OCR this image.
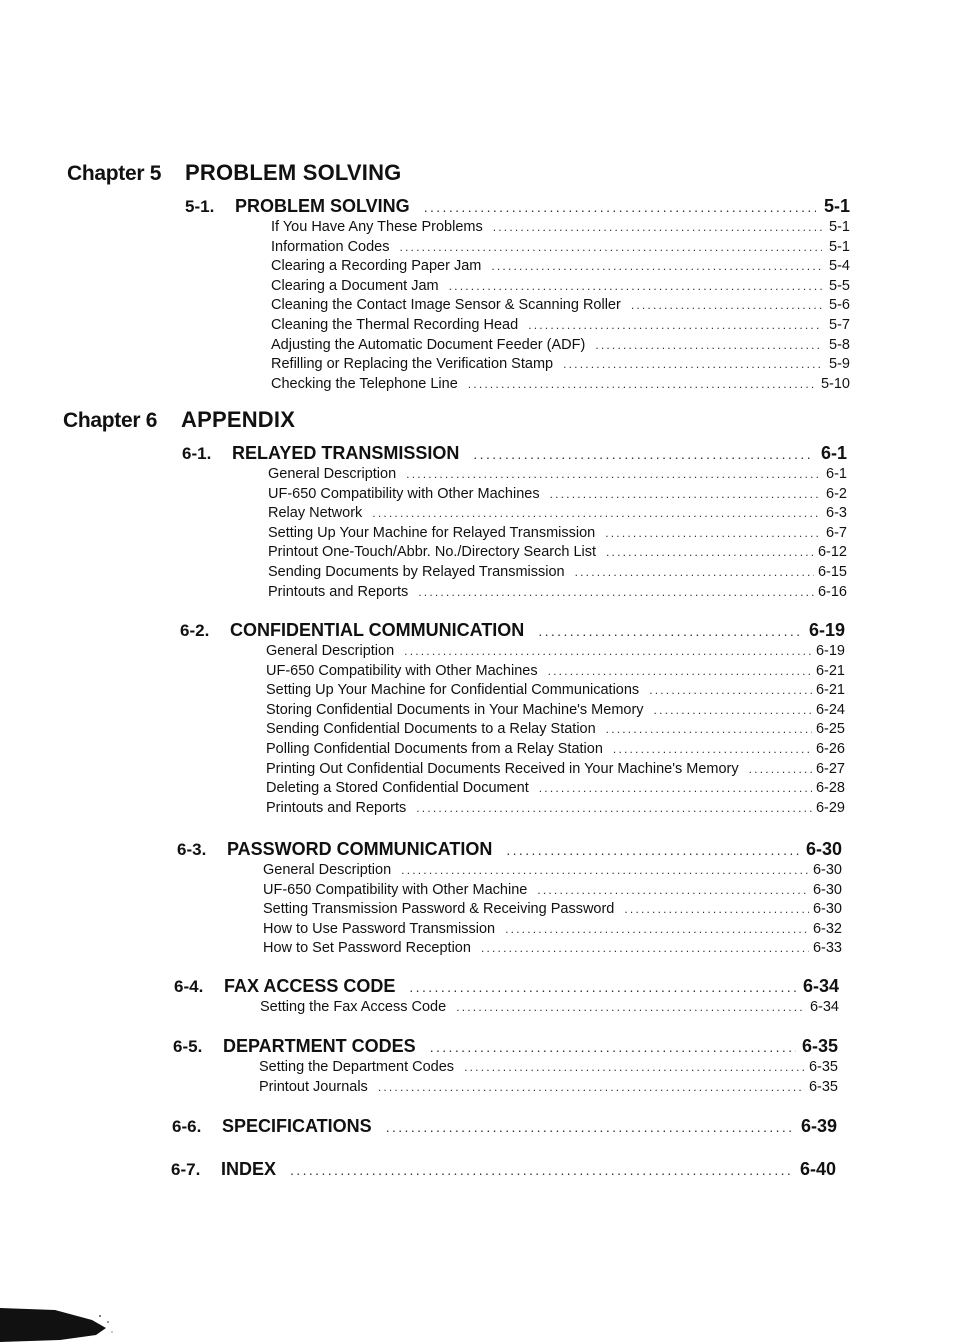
Chapter 5	PROBLEM SOLVING
5-1.	PROBLEM SOLVING .....	5-1
If You Have Any These Problems .....	5-1
Information Codes .....	5-1
Clearing a Recording Paper Jam .....	5-4
Clearing a Document Jam .....	5-5
Cleaning the Contact Image Sensor & Scanning Roller .....	5-6
Cleaning the Thermal Recording Head .....	5-7
Adjusting the Automatic Document Feeder (ADF) .....	5-8
Refilling or Replacing the Verification Stamp .....	5-9
Checking the Telephone Line .....	5-10
Chapter 6	APPENDIX
6-1.	RELAYED TRANSMISSION .....	6-1
General Description .....	6-1
UF-650 Compatibility with Other Machines .....	6-2
Relay Network .....	6-3
Setting Up Your Machine for Relayed Transmission .....	6-7
Printout One-Touch/Abbr. No./Directory Search List .....	6-12
Sending Documents by Relayed Transmission .....	6-15
Printouts and Reports .....	6-16
6-2.	CONFIDENTIAL COMMUNICATION .....	6-19
General Description .....	6-19
UF-650 Compatibility with Other Machines .....	6-21
Setting Up Your Machine for Confidential Communications .....	6-21
Storing Confidential Documents in Your Machine's Memory .....	6-24
Sending Confidential Documents to a Relay Station .....	6-25
Polling Confidential Documents from a Relay Station .....	6-26
Printing Out Confidential Documents Received in Your Machine's Memory .....	6-27
Deleting a Stored Confidential Document .....	6-28
Printouts and Reports .....	6-29
6-3.	PASSWORD COMMUNICATION .....	6-30
General Description .....	6-30
UF-650 Compatibility with Other Machine .....	6-30
Setting Transmission Password & Receiving Password .....	6-30
How to Use Password Transmission .....	6-32
How to Set Password Reception .....	6-33
6-4.	FAX ACCESS CODE .....	6-34
Setting the Fax Access Code .....	6-34
6-5.	DEPARTMENT CODES .....	6-35
Setting the Department Codes .....	6-35
Printout Journals .....	6-35
6-6.	SPECIFICATIONS .....	6-39
6-7.	INDEX .....	6-40
